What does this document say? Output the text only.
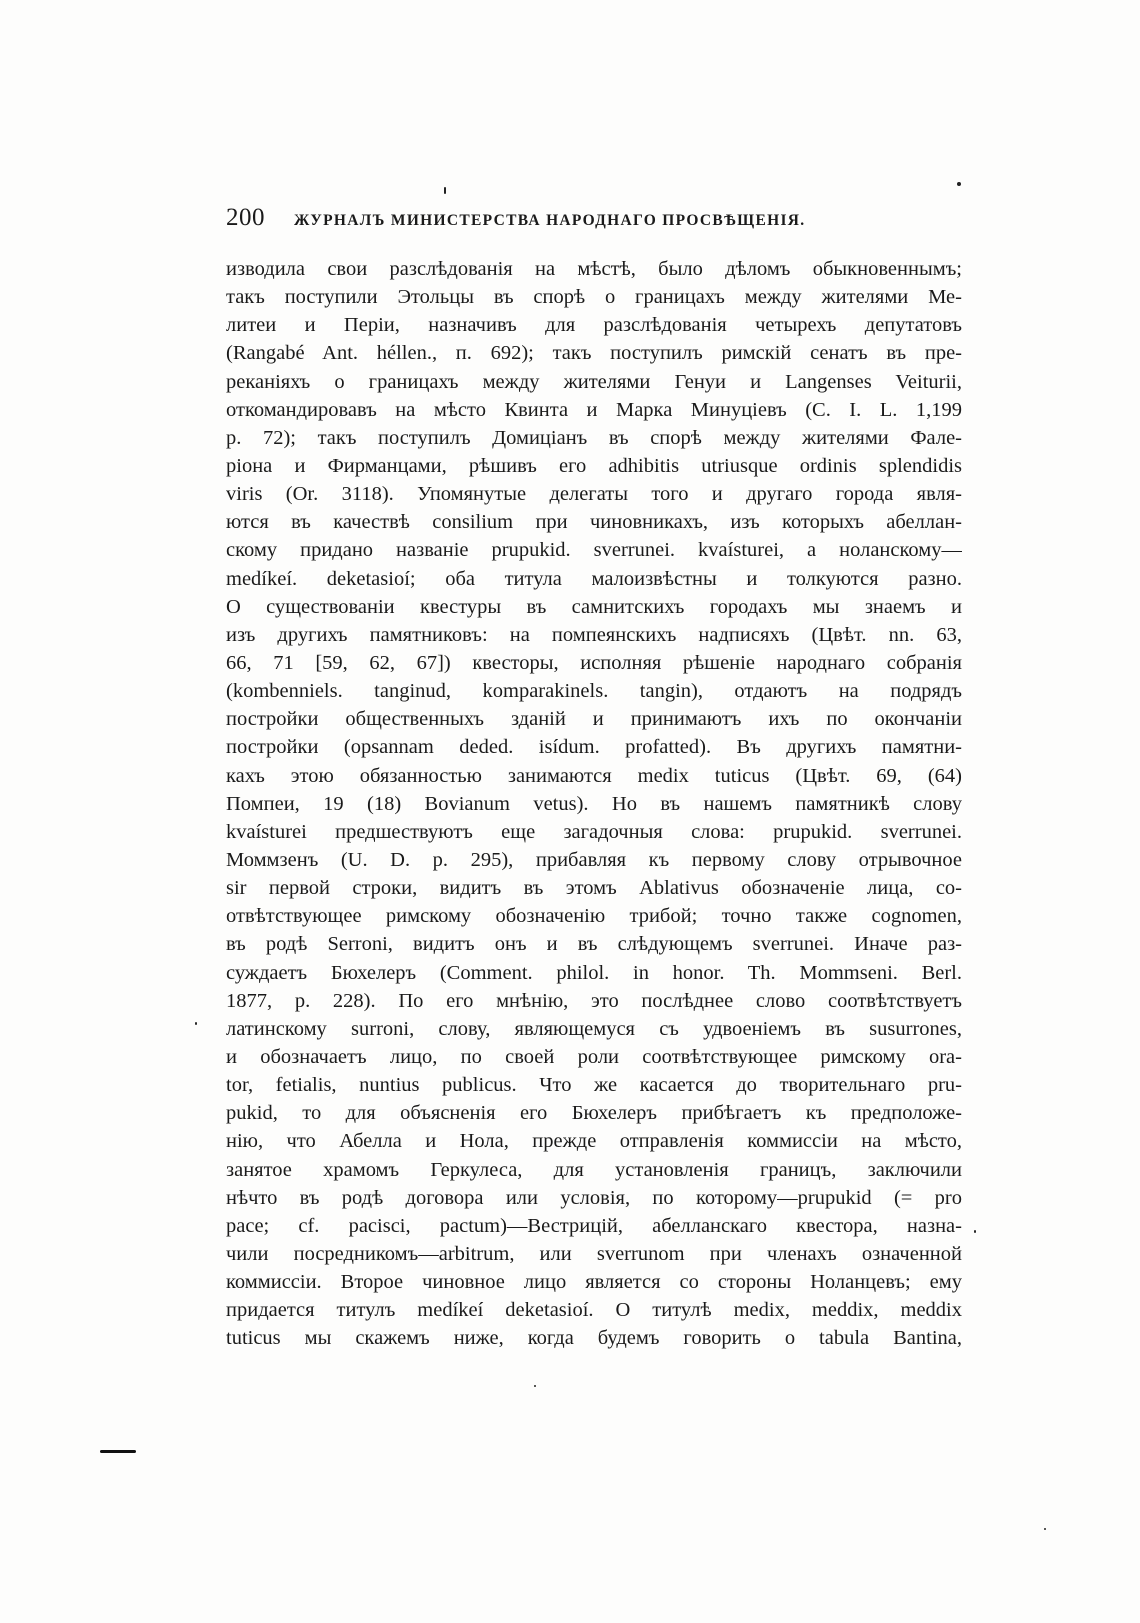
200	ЖУРНАЛЪ МИНИСТЕРСТВА НАРОДНАГО ПРОСВѢЩЕНІЯ.
изводила свои разслѣдованія на мѣстѣ, было дѣломъ обыкновеннымъ;
такъ поступили Этольцы въ спорѣ о границахъ между жителями Ме-
литеи и Періи, назначивъ для разслѣдованія четырехъ депутатовъ
(Rangabé Ant. héllen., п. 692); такъ поступилъ римскій сенатъ въ пре-
реканіяхъ о границахъ между жителями Генуи и Langenses Veiturii,
откомандировавъ на мѣсто Квинта и Марка Минуціевъ (C. I. L. 1,199
p. 72); такъ поступилъ Домиціанъ въ спорѣ между жителями Фале-
ріона и Фирманцами, рѣшивъ его adhibitis utriusque ordinis splendidis
viris (Or. 3118). Упомянутые делегаты того и другаго города явля-
ются въ качествѣ consilium при чиновникахъ, изъ которыхъ абеллан-
скому придано названіе prupukid. sverrunei. kvaísturei, а ноланскому—
medíkeí. deketasioí; оба титула малоизвѣстны и толкуются разно.
О существованіи квестуры въ самнитскихъ городахъ мы знаемъ и
изъ другихъ памятниковъ: на помпеянскихъ надписяхъ (Цвѣт. nn. 63,
66, 71 [59, 62, 67]) квесторы, исполняя рѣшеніе народнаго собранія
(kombenniels. tanginud, komparakinels. tangin), отдаютъ на подрядъ
постройки общественныхъ зданій и принимаютъ ихъ по окончаніи
постройки (opsannam deded. isídum. profatted). Въ другихъ памятни-
кахъ этою обязанностью занимаются medix tuticus (Цвѣт. 69, (64)
Помпеи, 19 (18) Bovianum vetus). Но въ нашемъ памятникѣ слову
kvaísturei предшествуютъ еще загадочныя слова: prupukid. sverrunei.
Моммзенъ (U. D. p. 295), прибавляя къ первому слову отрывочное
sir первой строки, видитъ въ этомъ Ablativus обозначеніе лица, со-
отвѣтствующее римскому обозначенію трибой; точно также cognomen,
въ родѣ Serroni, видитъ онъ и въ слѣдующемъ sverrunei. Иначе раз-
суждаетъ Бюхелеръ (Comment. philol. in honor. Th. Mommseni. Berl.
1877, p. 228). По его мнѣнію, это послѣднее слово соотвѣтствуетъ
латинскому surroni, слову, являющемуся съ удвоеніемъ въ susurrones,
и обозначаетъ лицо, по своей роли соотвѣтствующее римскому ora-
tor, fetialis, nuntius publicus. Что же касается до творительнаго pru-
pukid, то для объясненія его Бюхелеръ прибѣгаетъ къ предположе-
нію, что Абелла и Нола, прежде отправленія коммиссіи на мѣсто,
занятое храмомъ Геркулеса, для установленія границъ, заключили
нѣчто въ родѣ договора или условія, по которому—prupukid (= pro
pace; cf. pacisci, pactum)—Вестрицій, абелланскаго квестора, назна-
чили посредникомъ—arbitrum, или sverrunom при членахъ означенной
коммиссіи. Второе чиновное лицо является со стороны Ноланцевъ; ему
придается титулъ medíkeí deketasioí. О титулѣ medix, meddix, meddix
tuticus мы скажемъ ниже, когда будемъ говорить о tabula Bantina,
